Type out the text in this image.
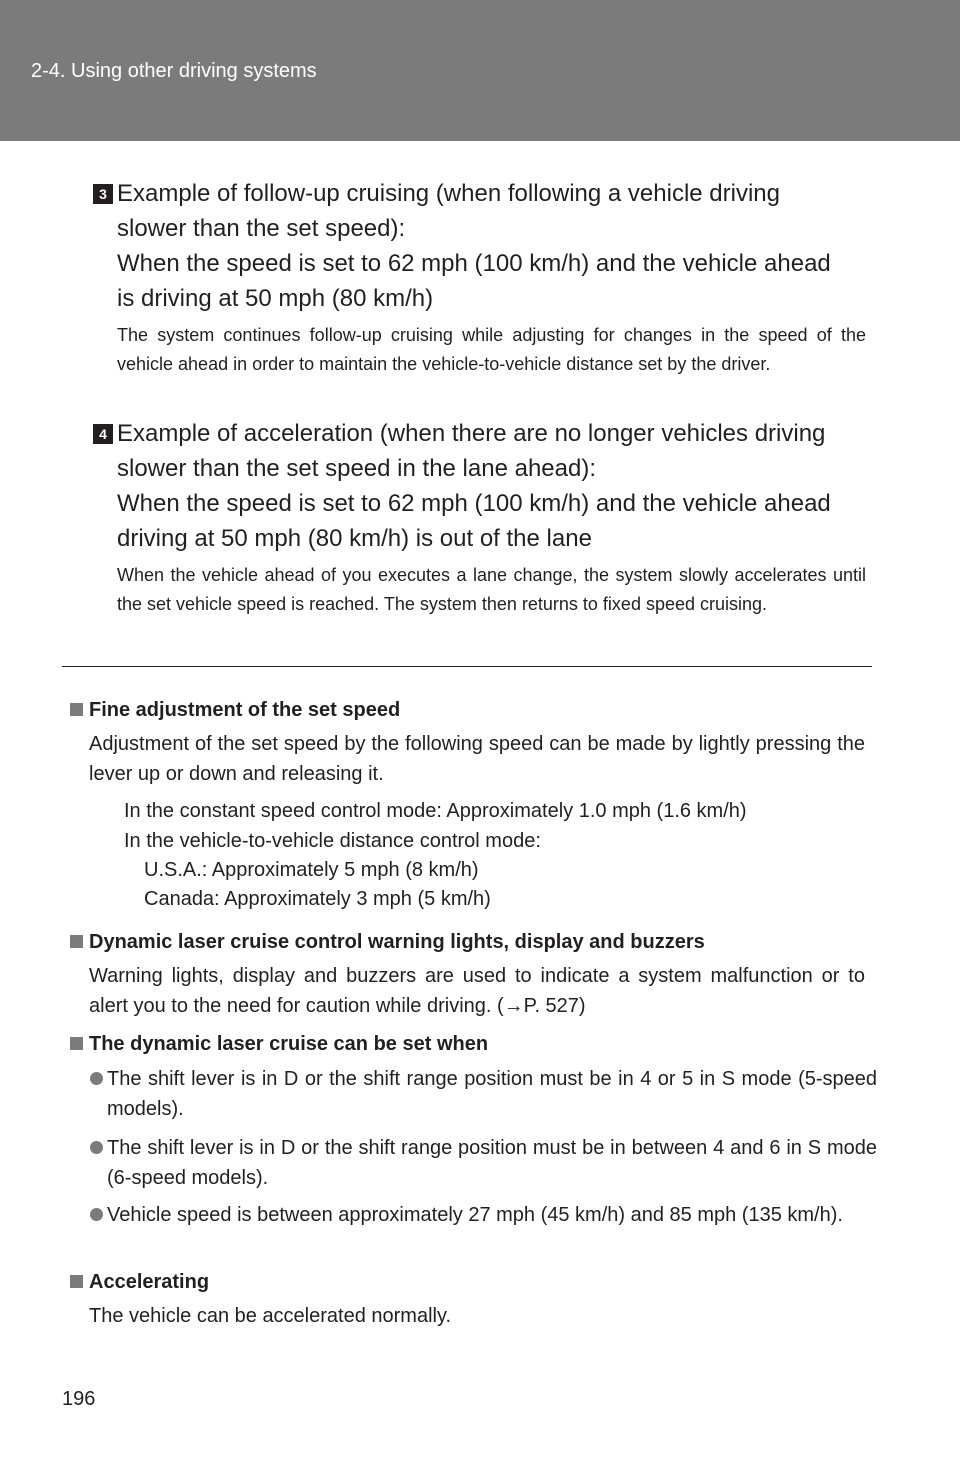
2-4. Using other driving systems
3 Example of follow-up cruising (when following a vehicle driving
slower than the set speed):
When the speed is set to 62 mph (100 km/h) and the vehicle ahead
is driving at 50 mph (80 km/h)

The system continues follow-up cruising while adjusting for changes in the speed of the vehicle ahead in order to maintain the vehicle-to-vehicle distance set by the driver.

4 Example of acceleration (when there are no longer vehicles driving
slower than the set speed in the lane ahead):
When the speed is set to 62 mph (100 km/h) and the vehicle ahead
driving at 50 mph (80 km/h) is out of the lane

When the vehicle ahead of you executes a lane change, the system slowly accelerates until the set vehicle speed is reached. The system then returns to fixed speed cruising.

Fine adjustment of the set speed
Adjustment of the set speed by the following speed can be made by lightly pressing the lever up or down and releasing it.
In the constant speed control mode: Approximately 1.0 mph (1.6 km/h)
In the vehicle-to-vehicle distance control mode:
U.S.A.: Approximately 5 mph (8 km/h)
Canada: Approximately 3 mph (5 km/h)
Dynamic laser cruise control warning lights, display and buzzers
Warning lights, display and buzzers are used to indicate a system malfunction or to alert you to the need for caution while driving. (→P. 527)
The dynamic laser cruise can be set when
The shift lever is in D or the shift range position must be in 4 or 5 in S mode (5-speed models).
The shift lever is in D or the shift range position must be in between 4 and 6 in S mode (6-speed models).
Vehicle speed is between approximately 27 mph (45 km/h) and 85 mph (135 km/h).
Accelerating
The vehicle can be accelerated normally.
196
